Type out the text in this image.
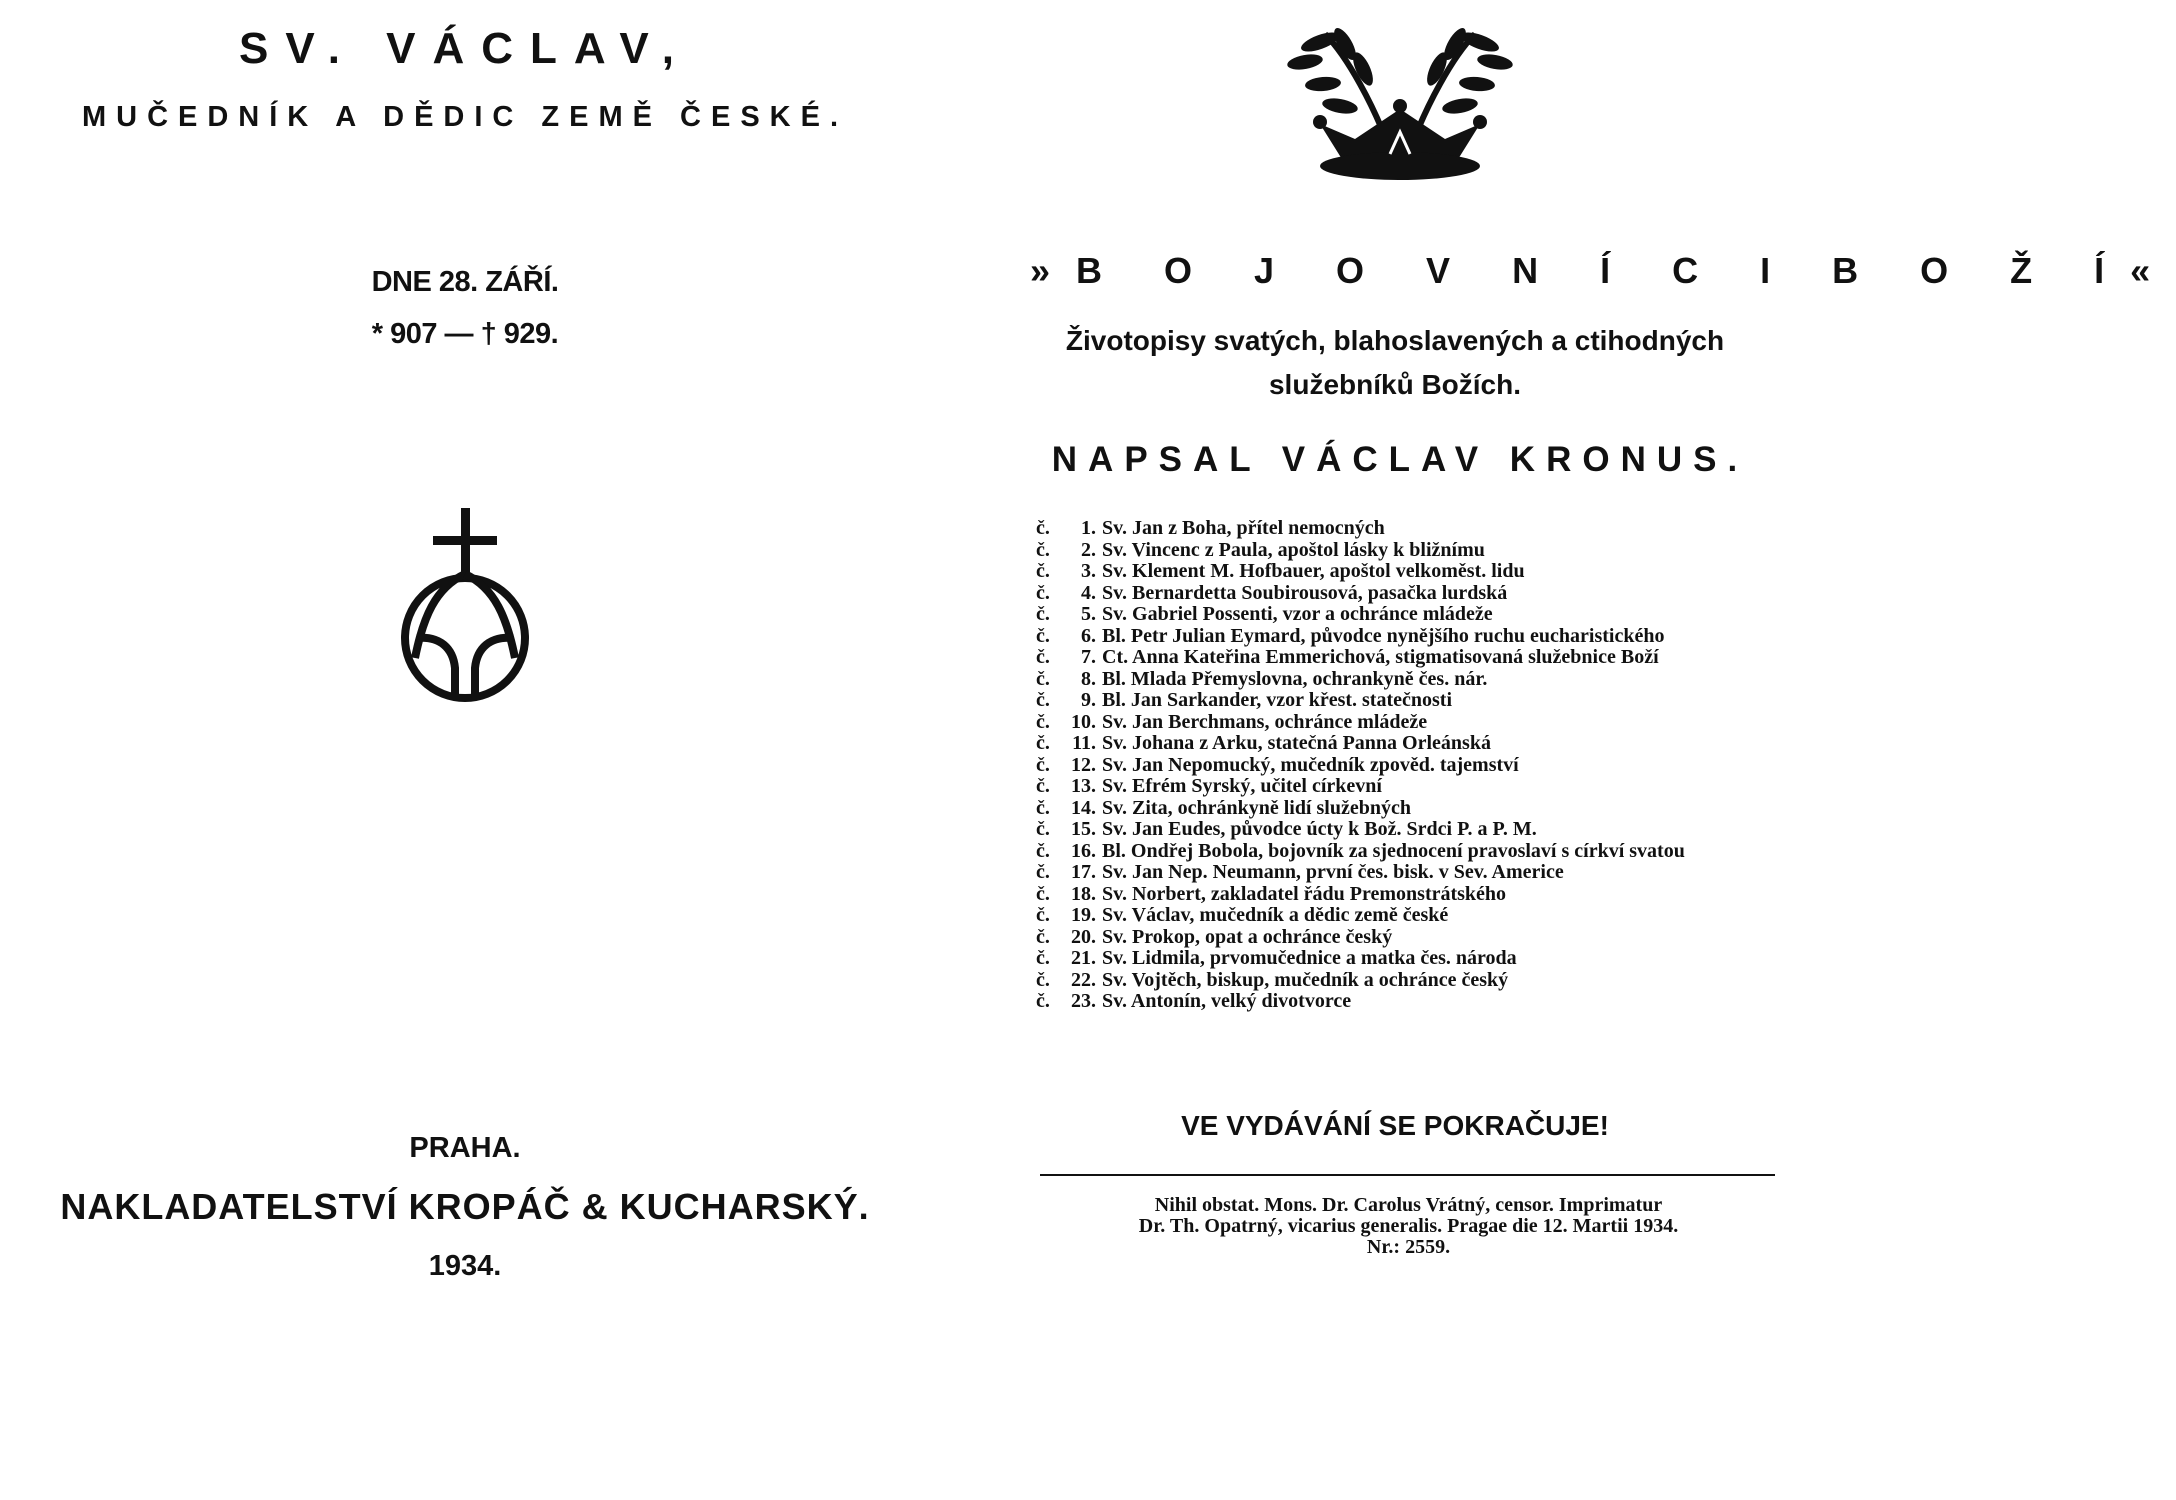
SV. VÁCLAV,
MUČEDNÍK A DĚDIC ZEMĚ ČESKÉ.
DNE 28. ZÁŘÍ.
* 907 — † 929.
PRAHA.
NAKLADATELSTVÍ KROPÁČ & KUCHARSKÝ.
1934.
»B O J O V N Í C I B O Ž Í«
Životopisy svatých, blahoslavených a ctihodných
služebníků Božích.
NAPSAL VÁCLAV KRONUS.
č.	1. Sv. Jan z Boha, přítel nemocných
č.	2. Sv. Vincenc z Paula, apoštol lásky k bližnímu
č.	3. Sv. Klement M. Hofbauer, apoštol velkoměst. lidu
č.	4. Sv. Bernardetta Soubirousová, pasačka lurdská
č.	5. Sv. Gabriel Possenti, vzor a ochránce mládeže
č.	6. Bl. Petr Julian Eymard, původce nynějšího ruchu eucharistického
č.	7. Ct. Anna Kateřina Emmerichová, stigmatisovaná služebnice Boží
č.	8. Bl. Mlada Přemyslovna, ochrankyně čes. nár.
č.	9. Bl. Jan Sarkander, vzor křest. statečnosti
č.	10. Sv. Jan Berchmans, ochránce mládeže
č.	11. Sv. Johana z Arku, statečná Panna Orleánská
č.	12. Sv. Jan Nepomucký, mučedník zpověd. tajemství
č.	13. Sv. Efrém Syrský, učitel církevní
č.	14. Sv. Zita, ochránkyně lidí služebných
č.	15. Sv. Jan Eudes, původce úcty k Bož. Srdci P. a P. M.
č.	16. Bl. Ondřej Bobola, bojovník za sjednocení pravoslaví s církví svatou
č.	17. Sv. Jan Nep. Neumann, první čes. bisk. v Sev. Americe
č.	18. Sv. Norbert, zakladatel řádu Premonstrátského
č.	19. Sv. Václav, mučedník a dědic země české
č.	20. Sv. Prokop, opat a ochránce český
č.	21. Sv. Lidmila, prvomučednice a matka čes. národa
č.	22. Sv. Vojtěch, biskup, mučedník a ochránce český
č.	23. Sv. Antonín, velký divotvorce
VE VYDÁVÁNÍ SE POKRAČUJE!
Nihil obstat. Mons. Dr. Carolus Vrátný, censor. Imprimatur
Dr. Th. Opatrný, vicarius generalis. Pragae die 12. Martii 1934.
Nr.: 2559.
